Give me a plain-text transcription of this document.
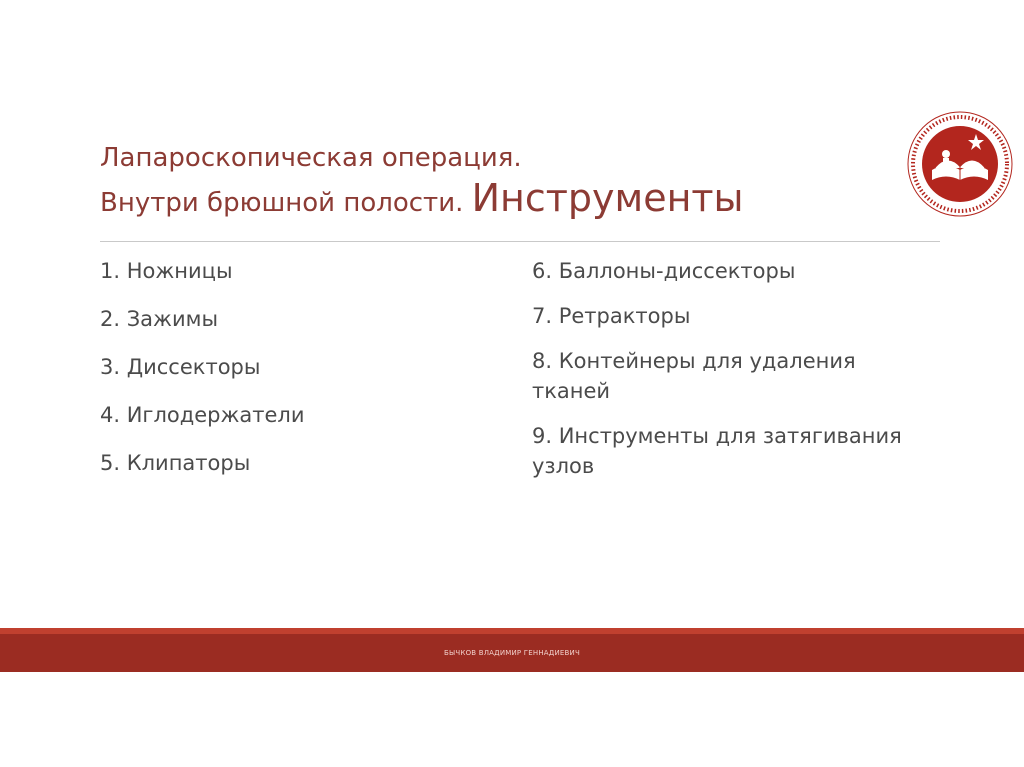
Лапароскопическая операция.
Внутри брюшной полости. Инструменты
1. Ножницы
2. Зажимы
3. Диссекторы
4. Иглодержатели
5. Клипаторы
6. Баллоны-диссекторы
7. Ретракторы
8. Контейнеры для удаления тканей
9. Инструменты для затягивания узлов
БЫЧКОВ ВЛАДИМИР ГЕННАДИЕВИЧ
